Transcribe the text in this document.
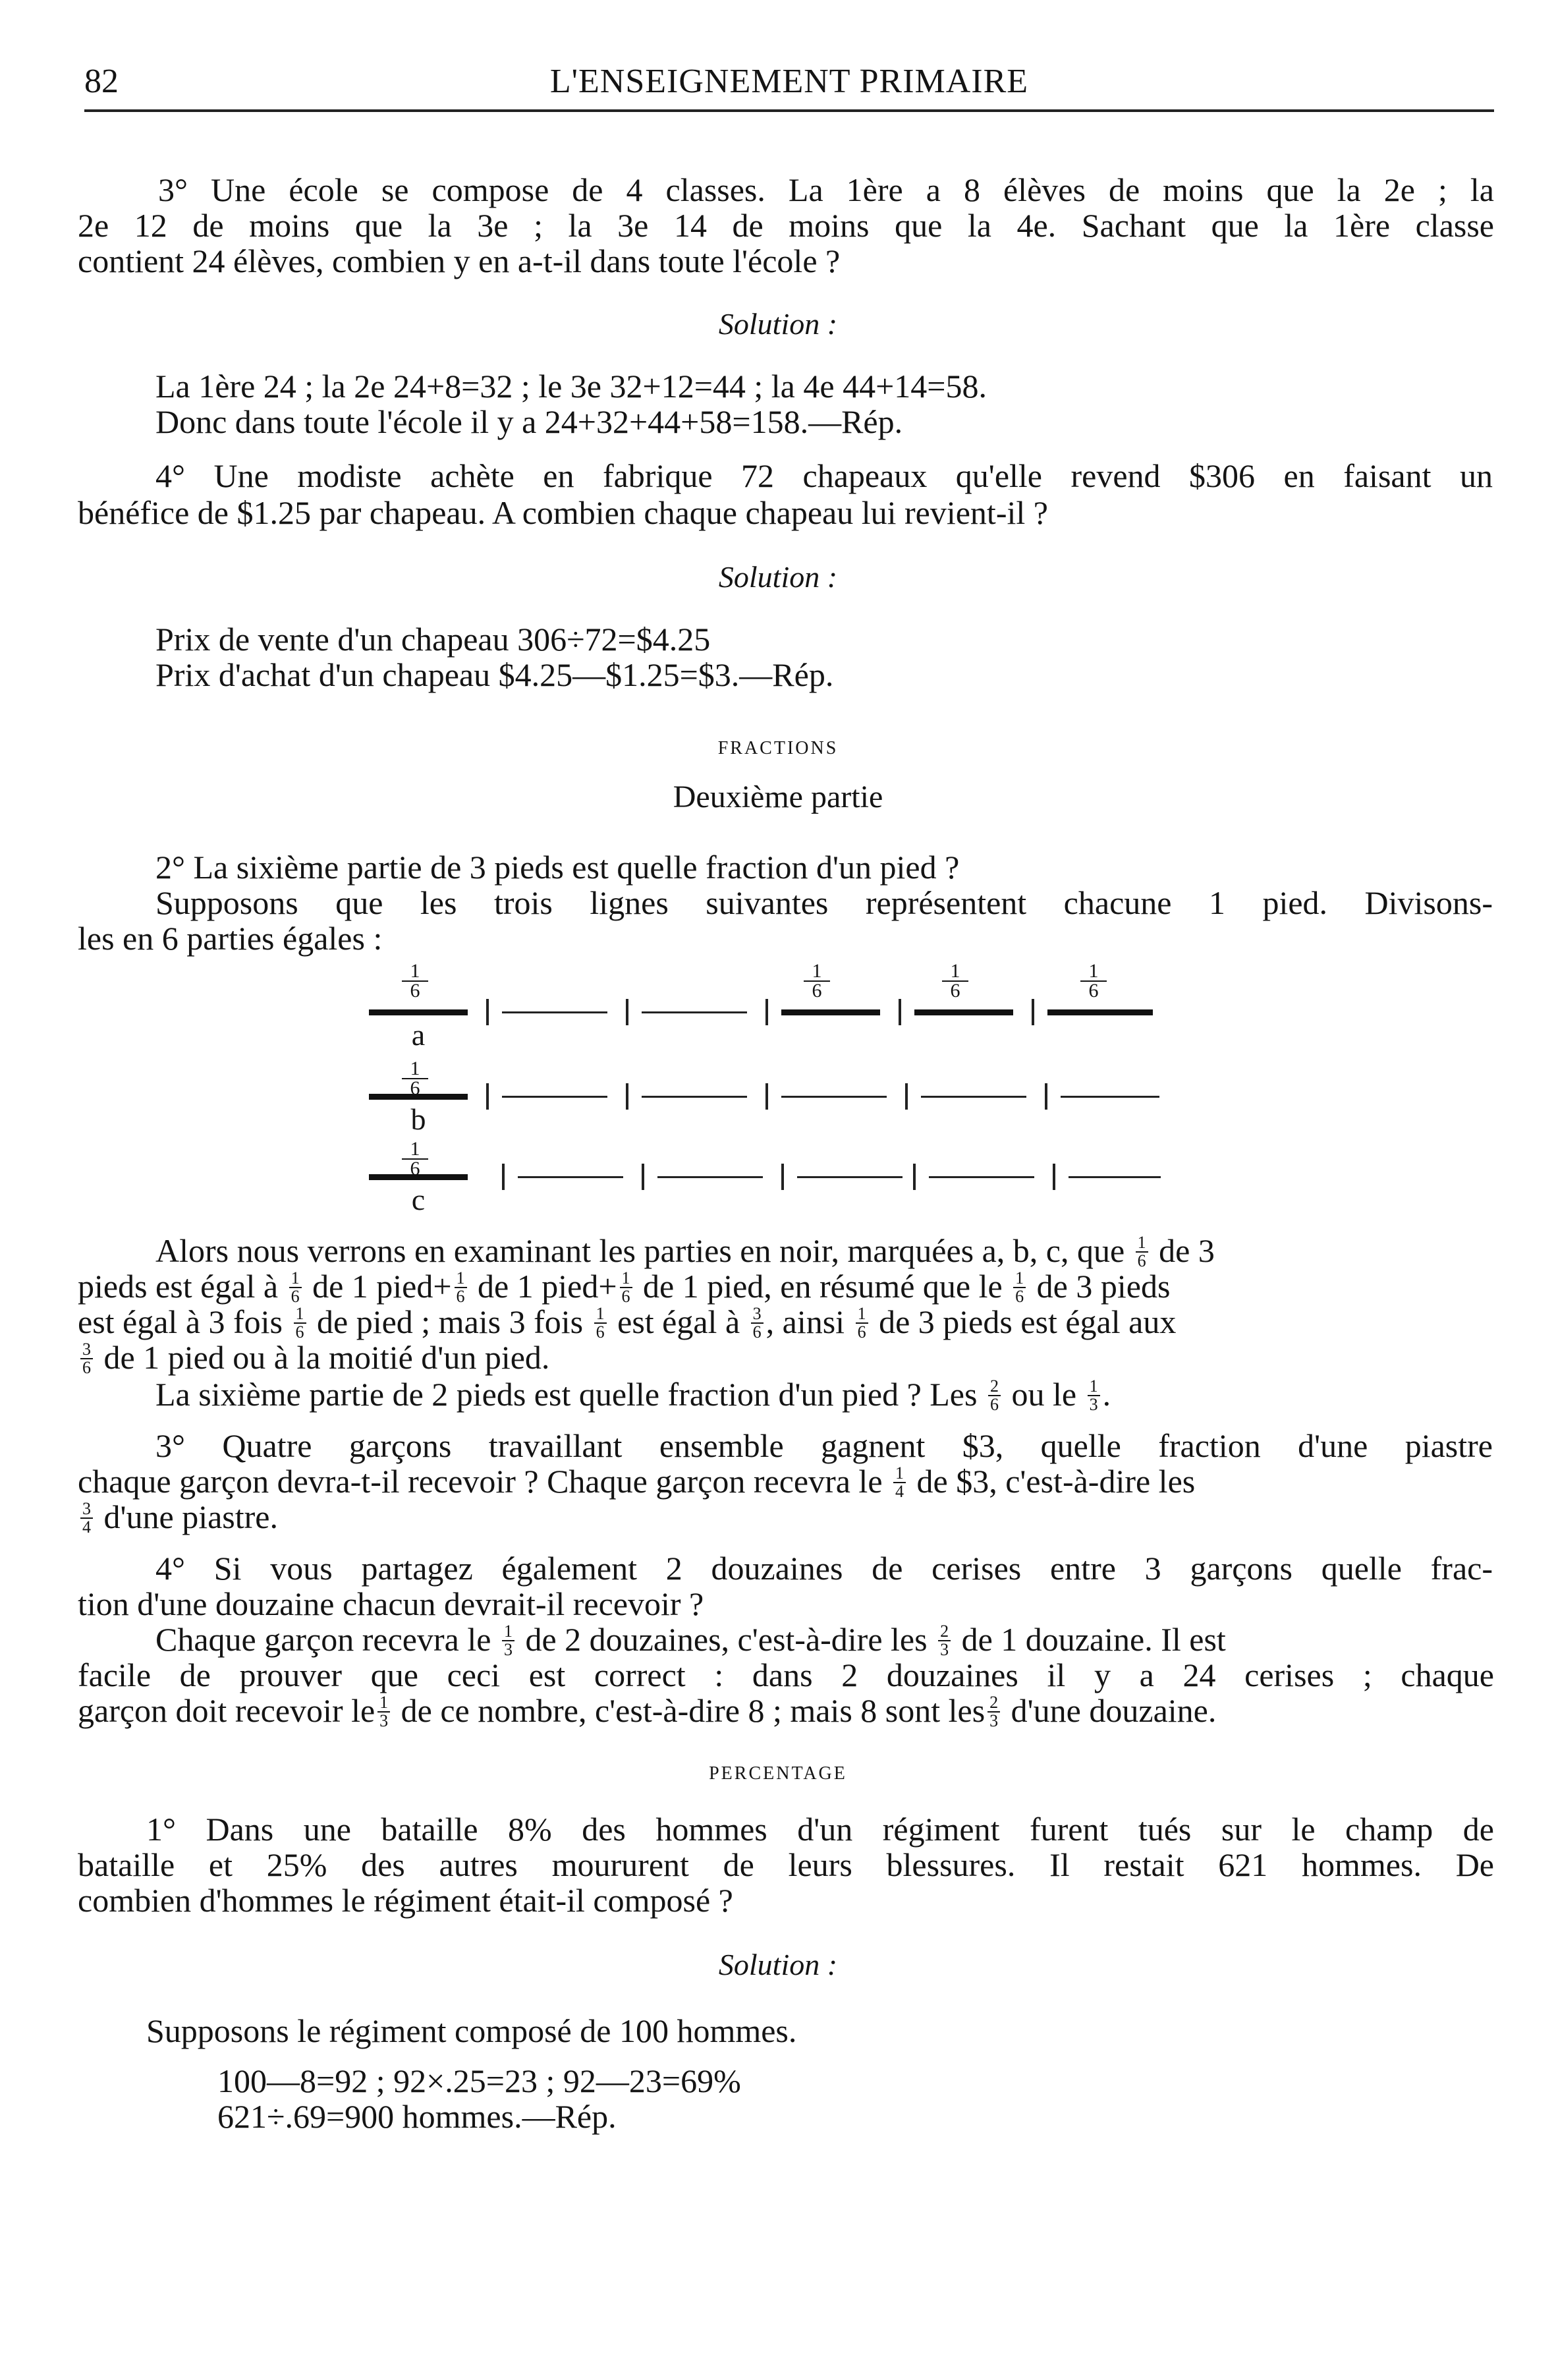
82	L'ENSEIGNEMENT PRIMAIRE
3° Une école se compose de 4 classes. La 1ère a 8 élèves de moins que la 2e ; la
2e 12 de moins que la 3e ; la 3e 14 de moins que la 4e. Sachant que la 1ère classe
contient 24 élèves, combien y en a-t-il dans toute l'école ?
Solution :
La 1ère 24 ; la 2e 24+8=32 ; le 3e 32+12=44 ; la 4e 44+14=58.
Donc dans toute l'école il y a 24+32+44+58=158.—Rép.
4° Une modiste achète en fabrique 72 chapeaux qu'elle revend $306 en faisant un
bénéfice de $1.25 par chapeau. A combien chaque chapeau lui revient-il ?
Solution :
Prix de vente d'un chapeau 306÷72=$4.25
Prix d'achat d'un chapeau $4.25—$1.25=$3.—Rép.
FRACTIONS
Deuxième partie
2° La sixième partie de 3 pieds est quelle fraction d'un pied ?
Supposons que les trois lignes suivantes représentent chacune 1 pied. Divisons-
les en 6 parties égales :
1
6
1
6
1
6
1
6
a
1
6
b
1
6
c
Alors nous verrons en examinant les parties en noir, marquées a, b, c, que $\frac{1}{6}$ de 3
pieds est égal à $\frac{1}{6}$ de 1 pied+ $\frac{1}{6}$ de 1 pied+ $\frac{1}{6}$ de 1 pied, en résumé que le $\frac{1}{6}$ de 3 pieds
est égal à 3 fois $\frac{1}{6}$ de pied ; mais 3 fois $\frac{1}{6}$ est égal à $\frac{3}{6}$ , ainsi $\frac{1}{6}$ de 3 pieds est égal aux
$\frac{3}{6}$ de 1 pied ou à la moitié d'un pied.
La sixième partie de 2 pieds est quelle fraction d'un pied ? Les $\frac{2}{6}$ ou le $\frac{1}{3}$ .
3° Quatre garçons travaillant ensemble gagnent $3, quelle fraction d'une piastre
chaque garçon devra-t-il recevoir ? Chaque garçon recevra le $\frac{1}{4}$ de $3, c'est-à-dire les
$\frac{3}{4} d'une$ piastre.
4° Si vous partagez également 2 douzaines de cerises entre 3 garçons quelle frac-
tion d'une douzaine chacun devrait-il recevoir ?
Chaque garçon recevra le $\frac{1}{3}$ de 2 douzaines, c'est-à-dire les $\frac{2}{3}$ de 1 douzaine. Il est
facile de prouver que ceci est correct : dans 2 douzaines il y a 24 cerises ; chaque
garçon doit recevoir le $\frac{1}{3}$ de ce nombre, c'est-à-dire 8 ; mais 8 sont les $\frac{2}{3} d'une$ douzaine.
PERCENTAGE
1° Dans une bataille 8% des hommes d'un régiment furent tués sur le champ de
bataille et 25% des autres moururent de leurs blessures. Il restait 621 hommes. De
combien d'hommes le régiment était-il composé ?
Solution :
Supposons le régiment composé de 100 hommes.
100—8=92 ; 92×.25=23 ; 92—23=69%
621÷.69=900 hommes.—Rép.
